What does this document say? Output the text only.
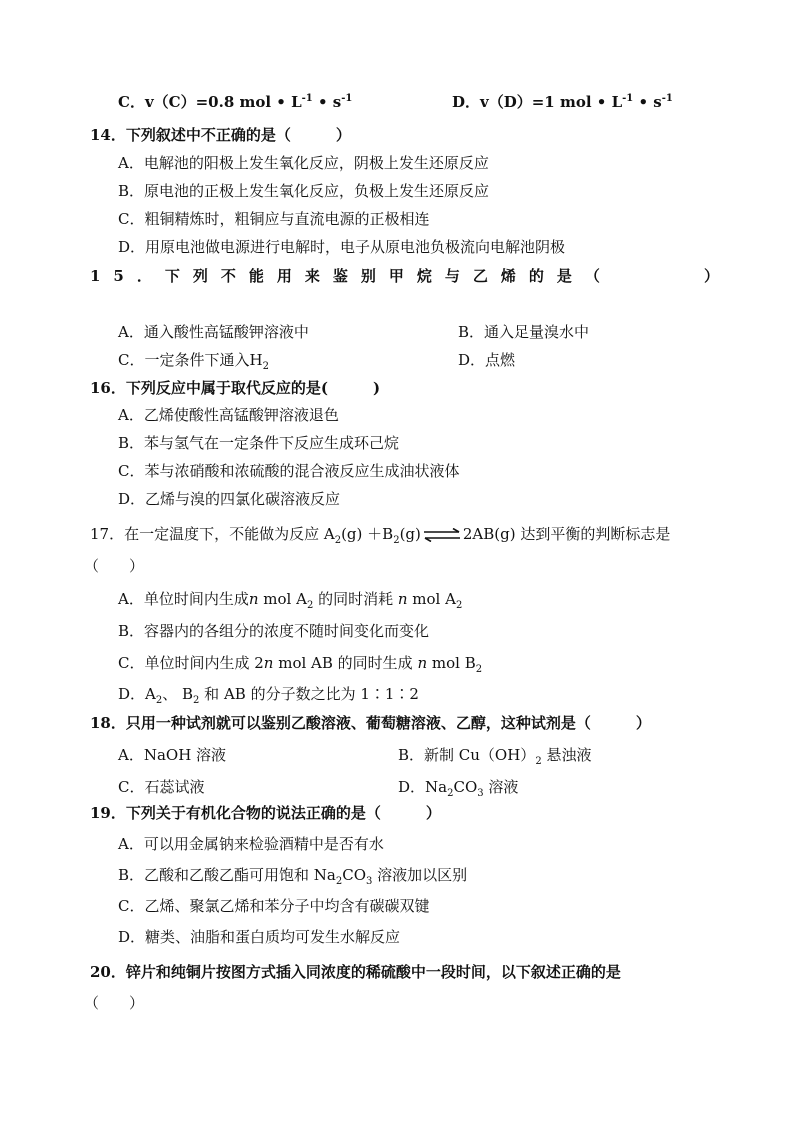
C．v（C）=0.8 mol • $L^{-1}$ • $s^{-1}$	D．v（D）=1 mol • $L^{-1}$ • $s^{-1}$
14．下列叙述中不正确的是（　　　）
A．电解池的阳极上发生氧化反应，阴极上发生还原反应
B．原电池的正极上发生氧化反应，负极上发生还原反应
C．粗铜精炼时，粗铜应与直流电源的正极相连
D．用原电池做电源进行电解时，电子从原电池负极流向电解池阴极
15．下列不能用来鉴别甲烷与乙烯的是（	）
A．通入酸性高锰酸钾溶液中	B．通入足量溴水中
C．一定条件下通入$H_2$	D．点燃
16．下列反应中属于取代反应的是(　　　)
A．乙烯使酸性高锰酸钾溶液退色
B．苯与氢气在一定条件下反应生成环己烷
C．苯与浓硝酸和浓硫酸的混合液反应生成油状液体
D．乙烯与溴的四氯化碳溶液反应
17．在一定温度下，不能做为反应 $A_2(g) +B_2(g)$ ⇌ 2AB(g) 达到平衡的判断标志是
（　　）
A．单位时间内生成n mol $A_2$ 的同时消耗 n mol $A_2$
B．容器内的各组分的浓度不随时间变化而变化
C．单位时间内生成 2n mol AB 的同时生成 n mol $B_2$
D．$A_2$、 $B_2$ 和 AB 的分子数之比为 1∶1∶2
18．只用一种试剂就可以鉴别乙酸溶液、葡萄糖溶液、乙醇，这种试剂是（　　　）
A．NaOH 溶液	B．新制 $Cu(OH)_2$ 悬浊液
C．石蕊试液	D．$Na_2CO_3$ 溶液
19．下列关于有机化合物的说法正确的是（　　　）
A．可以用金属钠来检验酒精中是否有水
B．乙酸和乙酸乙酯可用饱和 $Na_2CO_3$ 溶液加以区别
C．乙烯、聚氯乙烯和苯分子中均含有碳碳双键
D．糖类、油脂和蛋白质均可发生水解反应
20．锌片和纯铜片按图方式插入同浓度的稀硫酸中一段时间，以下叙述正确的是
（　　）
